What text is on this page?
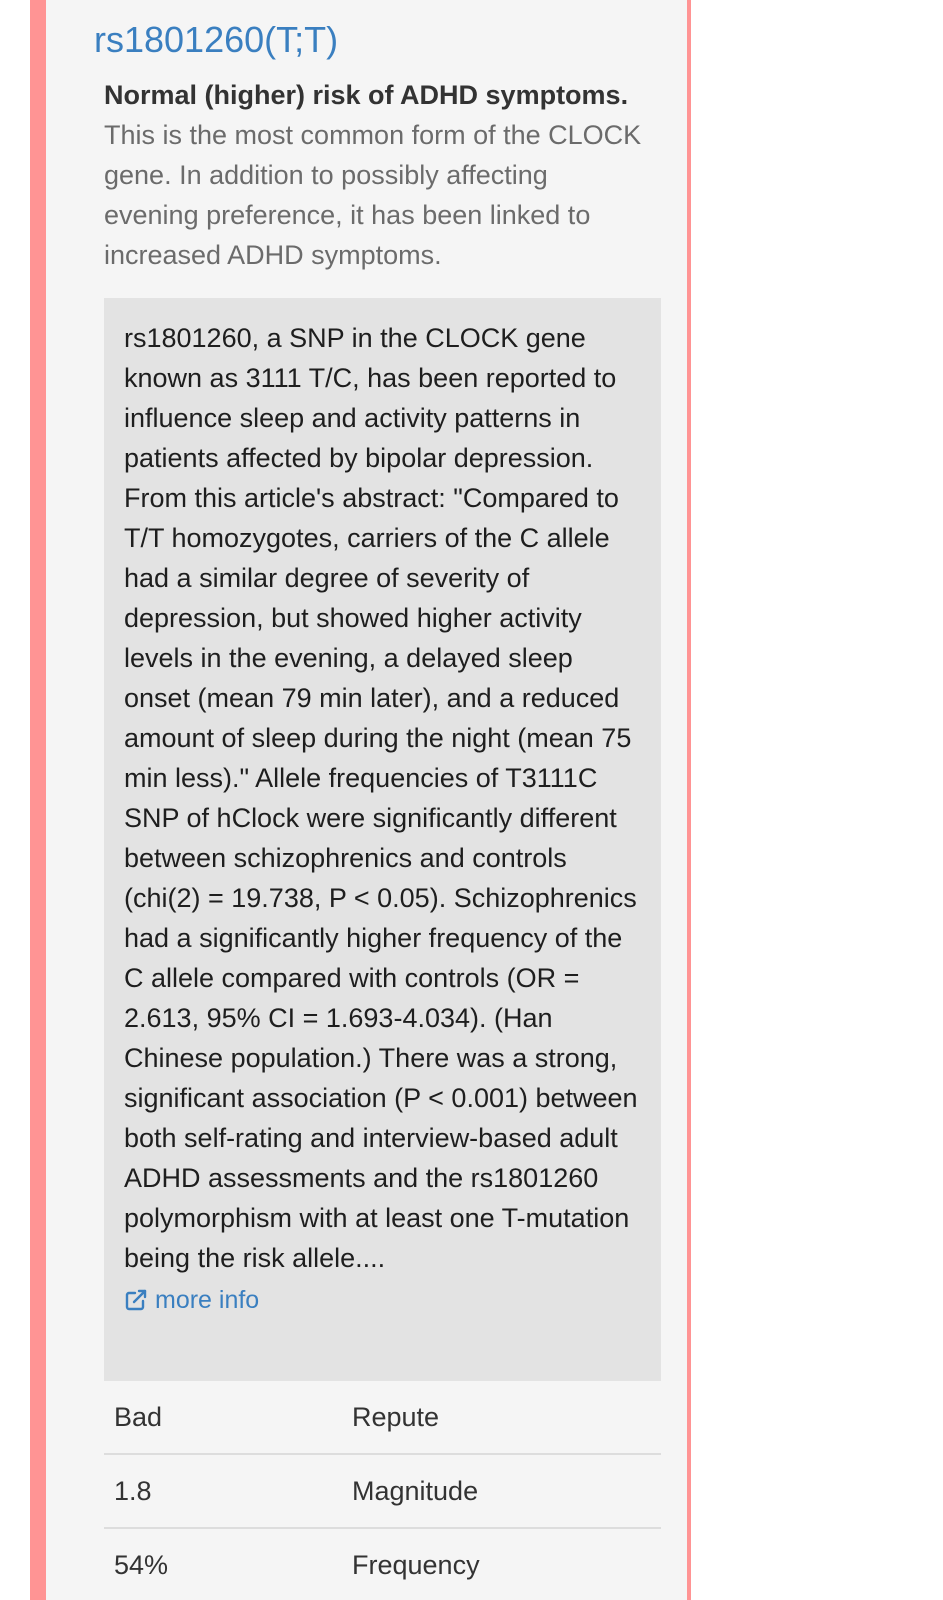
rs1801260(T;T)
Normal (higher) risk of ADHD symptoms.
This is the most common form of the CLOCK gene. In addition to possibly affecting evening preference, it has been linked to increased ADHD symptoms.

rs1801260, a SNP in the CLOCK gene known as 3111 T/C, has been reported to influence sleep and activity patterns in patients affected by bipolar depression. From this article's abstract: "Compared to T/T homozygotes, carriers of the C allele had a similar degree of severity of depression, but showed higher activity levels in the evening, a delayed sleep onset (mean 79 min later), and a reduced amount of sleep during the night (mean 75 min less)." Allele frequencies of T3111C SNP of hClock were significantly different between schizophrenics and controls (chi(2) = 19.738, P < 0.05). Schizophrenics had a significantly higher frequency of the C allele compared with controls (OR = 2.613, 95% CI = 1.693-4.034). (Han Chinese population.) There was a strong, significant association (P < 0.001) between both self-rating and interview-based adult ADHD assessments and the rs1801260 polymorphism with at least one T-mutation being the risk allele....

more info
Bad	Repute
1.8	Magnitude
54%	Frequency
